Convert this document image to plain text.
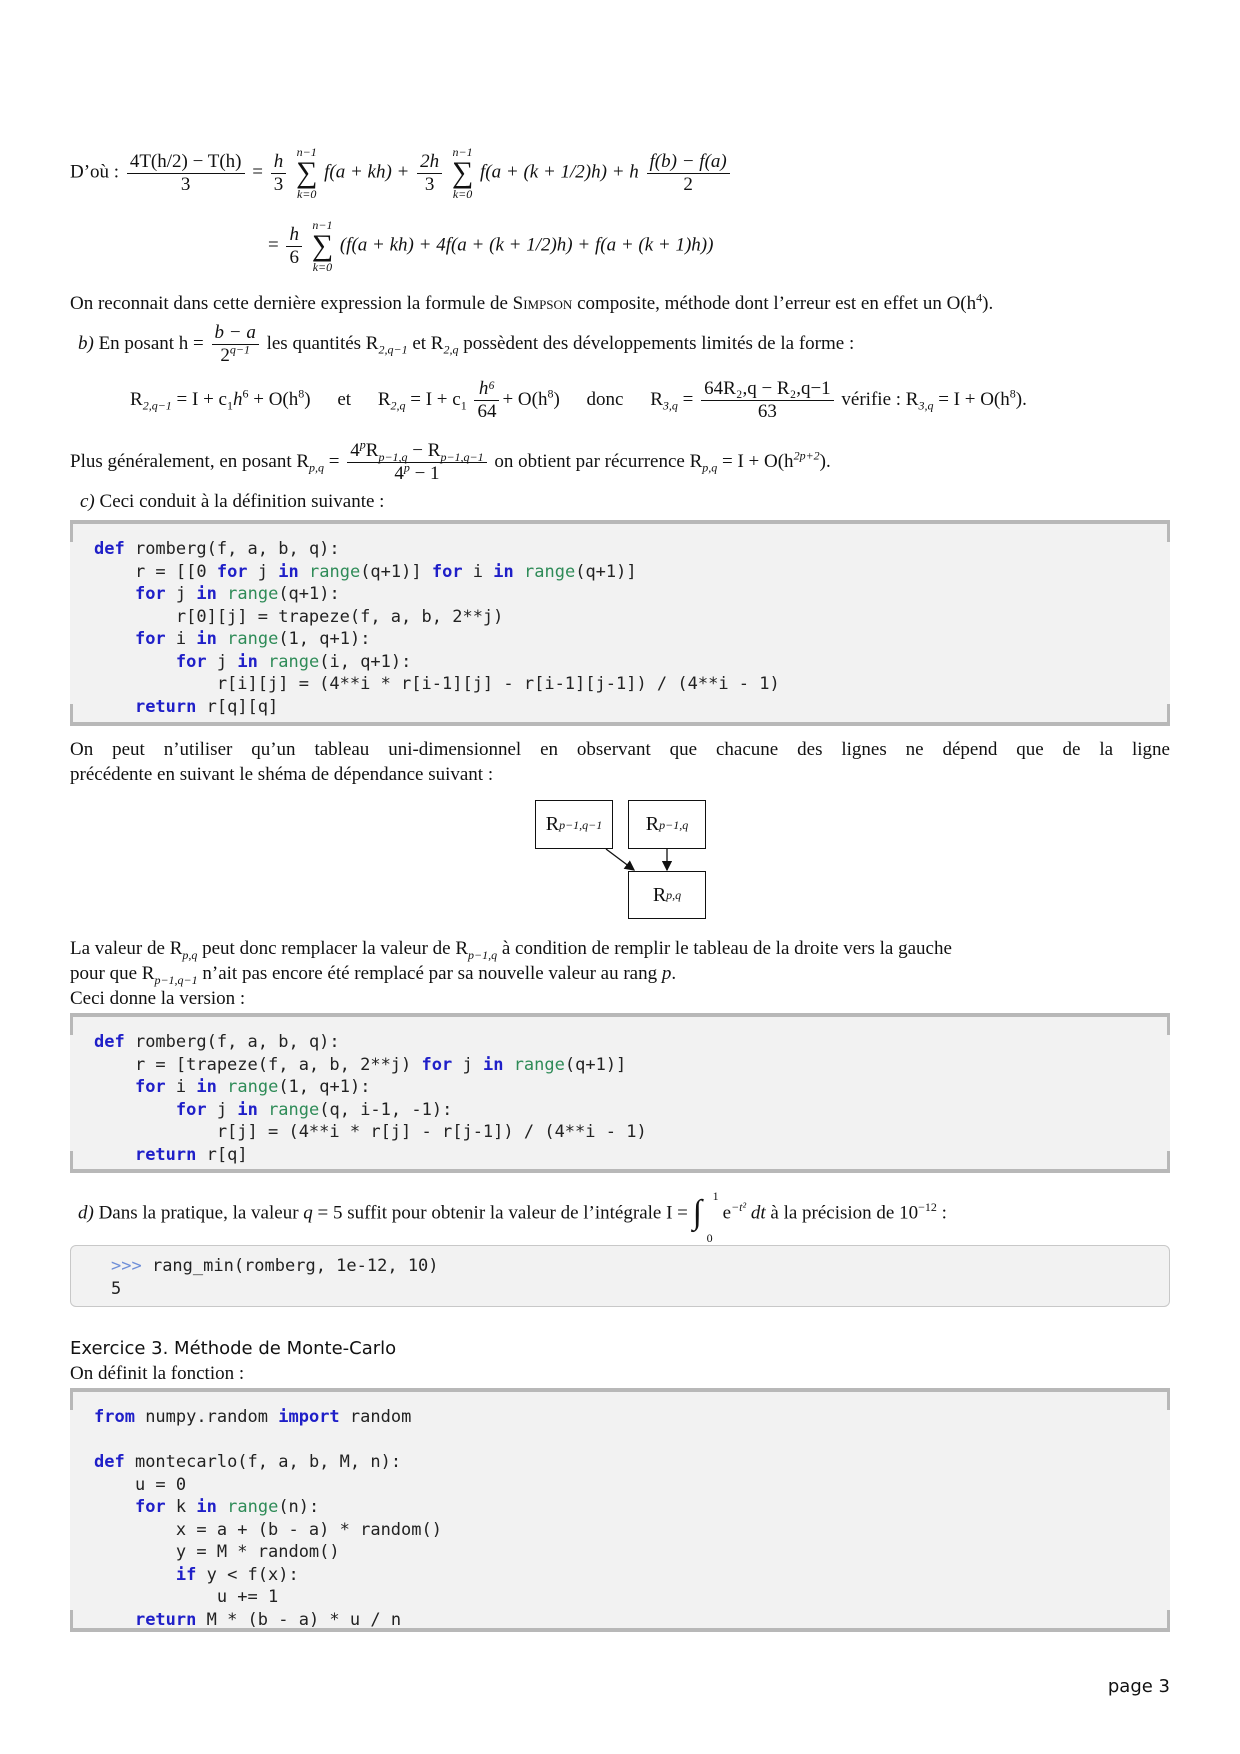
D’où : $\frac{4T(h/2) - T(h)}{3} = \frac{h}{3}$
n−1
∑
k=0
$f(a + kh) + \frac{2h}{3}$
n−1
∑
k=0
f(a + (k + 1/2)h) + h $\frac{f(b) - f(a)}{2}$
= $\frac{h}{6}$
n−1
∑
k=0
(f(a + kh) + 4f(a + (k + 1/2)h) + f(a + (k + 1)h))
On reconnait dans cette dernière expression la formule de Simpson composite, méthode dont l’erreur est en effet un $O(h^4)$.
b) En posant $h = \frac{b - a}{2^{q-1}}$ les quantités $R_{2,q-1}$ et $R_{2,q}$ possèdent des développements limités de la forme :
$R_{2,q-1} = I + c_1h^6 + O(h^8)$ et $R_{2,q} = I + c_1 \frac{\text{h⁶}}{64} + O(h^8)$ donc $R_{3,q} = \frac{\text{64R₂,q − R₂,q−1}}{63}$ vérifie : $R_{3,q} = I + O(h^8)$.
Plus généralement, en posant $R_{p,q} = \frac{4^pR_{p-1,q} - R_{p-1,q-1}}{4^p - 1}$ on obtient par récurrence $R_{p,q} = I + O(h^{2p+2})$.
c) Ceci conduit à la définition suivante :
def romberg(f, a, b, q):
r = [[0 for j in range(q+1)] for i in range(q+1)]
for j in range(q+1):
r[0][j] = trapeze(f, a, b, 2**j)
for i in range(1, q+1):
for j in range(i, q+1):
r[i][j] = (4**i * r[i-1][j] - r[i-1][j-1]) / (4**i - 1)
return r[q][q]
On peut n’utiliser qu’un tableau uni-dimensionnel en observant que chacune des lignes ne dépend que de la ligne
précédente en suivant le shéma de dépendance suivant :
R p−1,q−1 R p−1,q
R p,q
La valeur de $R_{p,q}$ peut donc remplacer la valeur de $R_{p-1,q}$ à condition de remplir le tableau de la droite vers la gauche
pour que $R_{p-1,q-1}$ n’ait pas encore été remplacé par sa nouvelle valeur au rang p.
Ceci donne la version :
def romberg(f, a, b, q):
r = [trapeze(f, a, b, 2**j) for j in range(q+1)]
for i in range(1, q+1):
for j in range(q, i-1, -1):
r[j] = (4**i * r[j] - r[j-1]) / (4**i - 1)
return r[q]
d) Dans la pratique, la valeur q = 5 suffit pour obtenir la valeur de l’intégrale I = ∫ 1
0
$e^{-t^2}$ dt à la précision de $10^{-12}$ :
>>> rang_min(romberg, 1e-12, 10)
5
Exercice 3. Méthode de Monte-Carlo
On définit la fonction :
from numpy.random import random

def montecarlo(f, a, b, M, n):
u = 0
for k in range(n):
x = a + (b - a) * random()
y = M * random()
if y < f(x):
u += 1
return M * (b - a) * u / n
page 3
